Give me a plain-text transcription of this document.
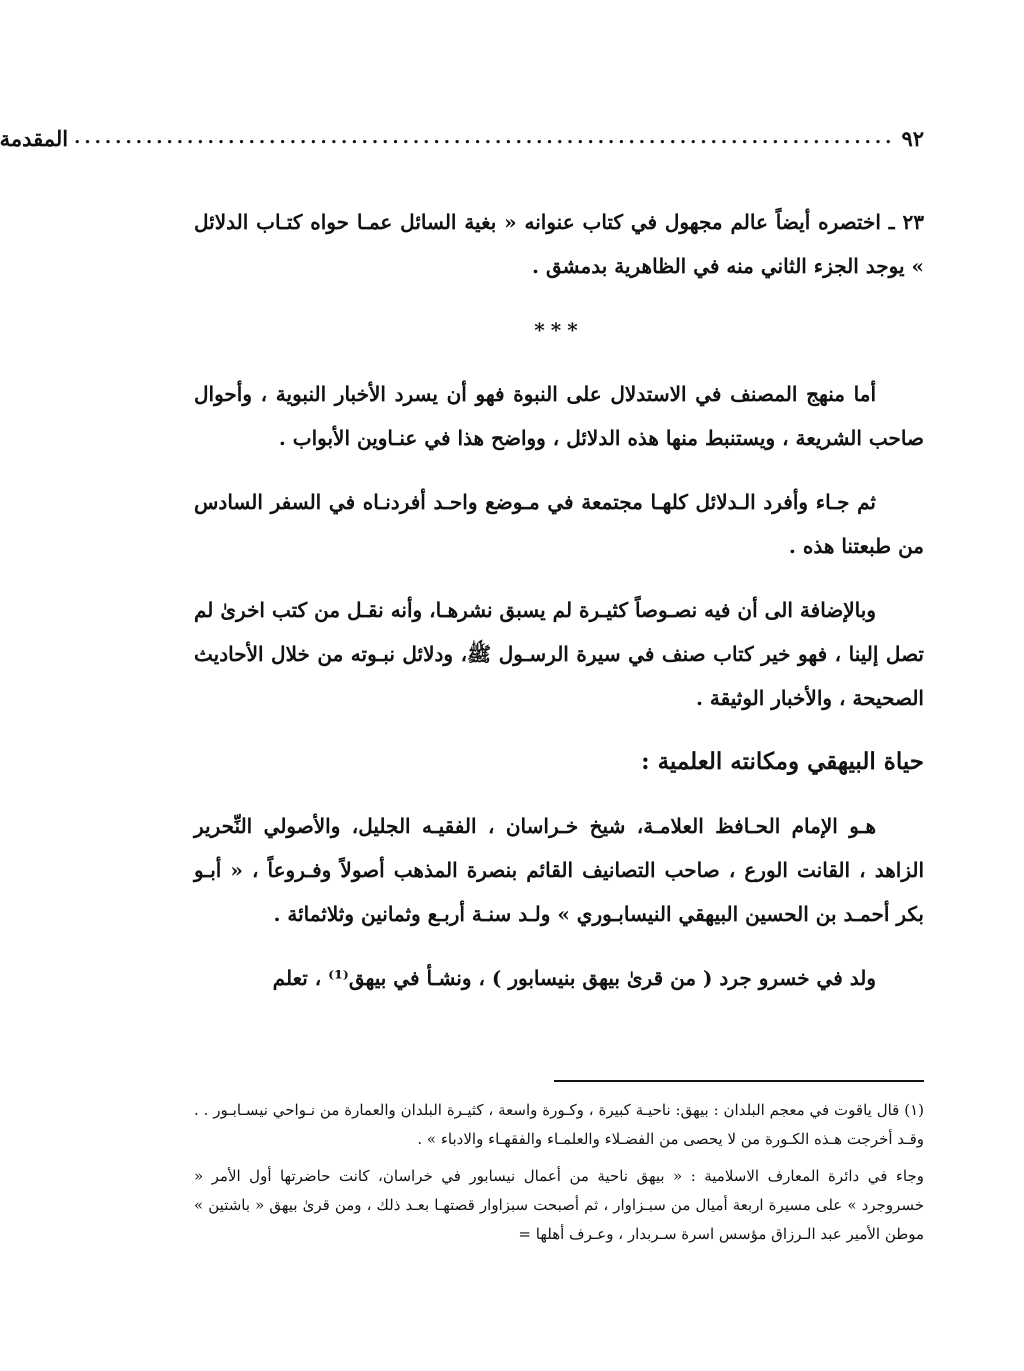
٩٢
................................................................................
المقدمة

٢٣ ـ اختصره أيضاً عالم مجهول في كتاب عنوانه « بغية السائل عمـا حواه كتـاب الدلائل » يوجد الجزء الثاني منه في الظاهرية بدمشق .

***

أما منهج المصنف في الاستدلال على النبوة فهو أن يسرد الأخبار النبوية ، وأحوال صاحب الشريعة ، ويستنبط منها هذه الدلائل ، وواضح هذا في عنـاوين الأبواب .

ثم جـاء وأفرد الـدلائل كلهـا مجتمعة في مـوضع واحـد أفردنـاه في السفر السادس من طبعتنا هذه .

وبالإضافة الى أن فيه نصـوصاً كثيـرة لم يسبق نشرهـا، وأنه نقـل من كتب اخرىٰ لم تصل إلينا ، فهو خير كتاب صنف في سيرة الرسـول ﷺ، ودلائل نبـوته من خلال الأحاديث الصحيحة ، والأخبار الوثيقة .

حياة البيهقي ومكانته العلمية :

هـو الإمام الحـافظ العلامـة، شيخ خـراسان ، الفقيـه الجليل، والأصولي النِّحرير الزاهد ، القانت الورع ، صاحب التصانيف القائم بنصرة المذهب أصولاً وفـروعاً ، « أبـو بكر أحمـد بن الحسين البيهقي النيسابـوري » ولـد سنـة أربـع وثمانين وثلاثمائة .

ولد في خسرو جرد ( من قرىٰ بيهق بنيسابور ) ، ونشـأ في بيهق⁽¹⁾ ، تعلم

(١) قال ياقوت في معجم البلدان : بيهق: ناحيـة كبيرة ، وكـورة واسعة ، كثيـرة البلدان والعمارة من نـواحي نيسـابـور . . وقـد أخرجت هـذه الكـورة من لا يحصى من الفضـلاء والعلمـاء والفقهـاء والادباء » .

وجاء في دائرة المعارف الاسلامية : « بيهق ناحية من أعمال نيسابور في خراسان، كانت حاضرتها أول الأمر « خسروجرد » على مسيرة اربعة أميال من سبـزاوار ، ثم أصبحت سبزاوار قصتهـا بعـد ذلك ، ومن قرىٰ بيهق « باشتين » موطن الأمير عبد الـرزاق مؤسس اسرة سـربدار ، وعـرف أهلها =
